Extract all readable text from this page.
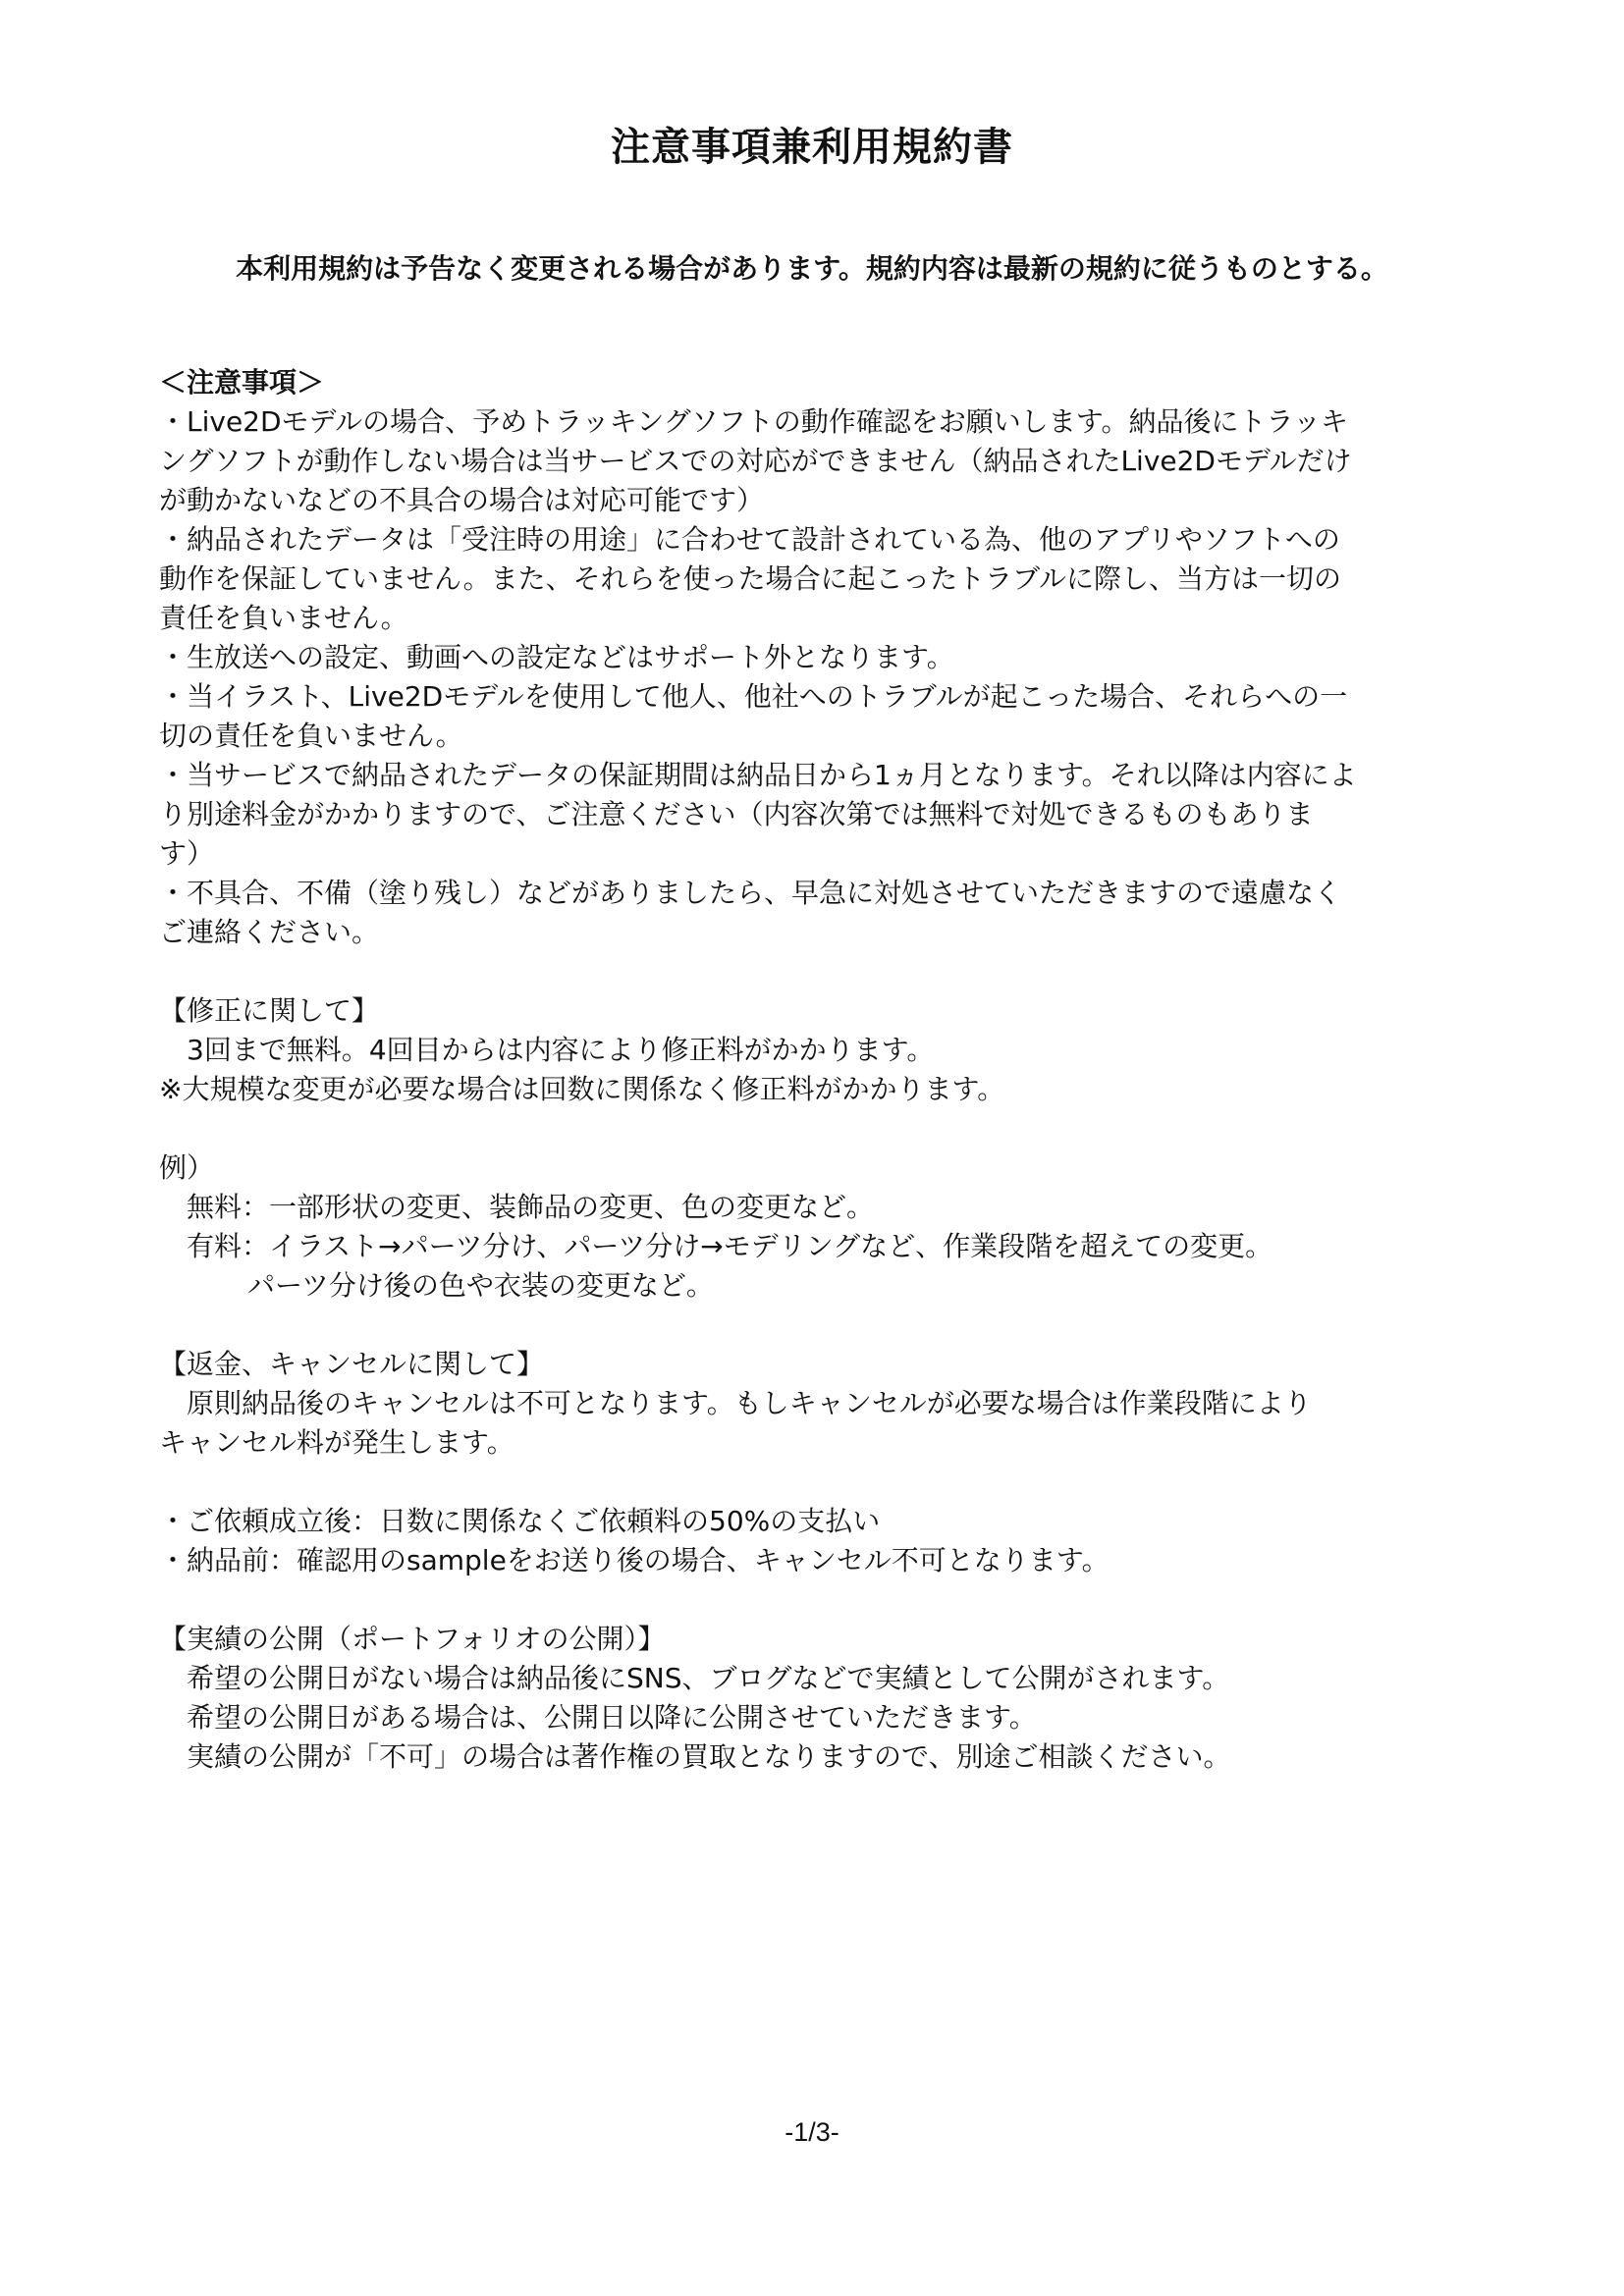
注意事項兼利用規約書
本利用規約は予告なく変更される場合があります。規約内容は最新の規約に従うものとする。

＜注意事項＞

・Live2Dモデルの場合、予めトラッキングソフトの動作確認をお願いします。納品後にトラッキ

ングソフトが動作しない場合は当サービスでの対応ができません（納品されたLive2Dモデルだけ

が動かないなどの不具合の場合は対応可能です）

・納品されたデータは「受注時の用途」に合わせて設計されている為、他のアプリやソフトへの

動作を保証していません。また、それらを使った場合に起こったトラブルに際し、当方は一切の

責任を負いません。

・生放送への設定、動画への設定などはサポート外となります。

・当イラスト、Live2Dモデルを使用して他人、他社へのトラブルが起こった場合、それらへの一

切の責任を負いません。

・当サービスで納品されたデータの保証期間は納品日から1ヵ月となります。それ以降は内容によ

り別途料金がかかりますので、ご注意ください（内容次第では無料で対処できるものもありま

す）

・不具合、不備（塗り残し）などがありましたら、早急に対処させていただきますので遠慮なく

ご連絡ください。

【修正に関して】

3回まで無料。4回目からは内容により修正料がかかります。

※大規模な変更が必要な場合は回数に関係なく修正料がかかります。

例）

無料：一部形状の変更、装飾品の変更、色の変更など。

有料：イラスト→パーツ分け、パーツ分け→モデリングなど、作業段階を超えての変更。

パーツ分け後の色や衣装の変更など。

【返金、キャンセルに関して】

原則納品後のキャンセルは不可となります。もしキャンセルが必要な場合は作業段階により

キャンセル料が発生します。

・ご依頼成立後：日数に関係なくご依頼料の50%の支払い

・納品前：確認用のsampleをお送り後の場合、キャンセル不可となります。

【実績の公開（ポートフォリオの公開）】

希望の公開日がない場合は納品後にSNS、ブログなどで実績として公開がされます。

希望の公開日がある場合は、公開日以降に公開させていただきます。

実績の公開が「不可」の場合は著作権の買取となりますので、別途ご相談ください。

-1/3-
